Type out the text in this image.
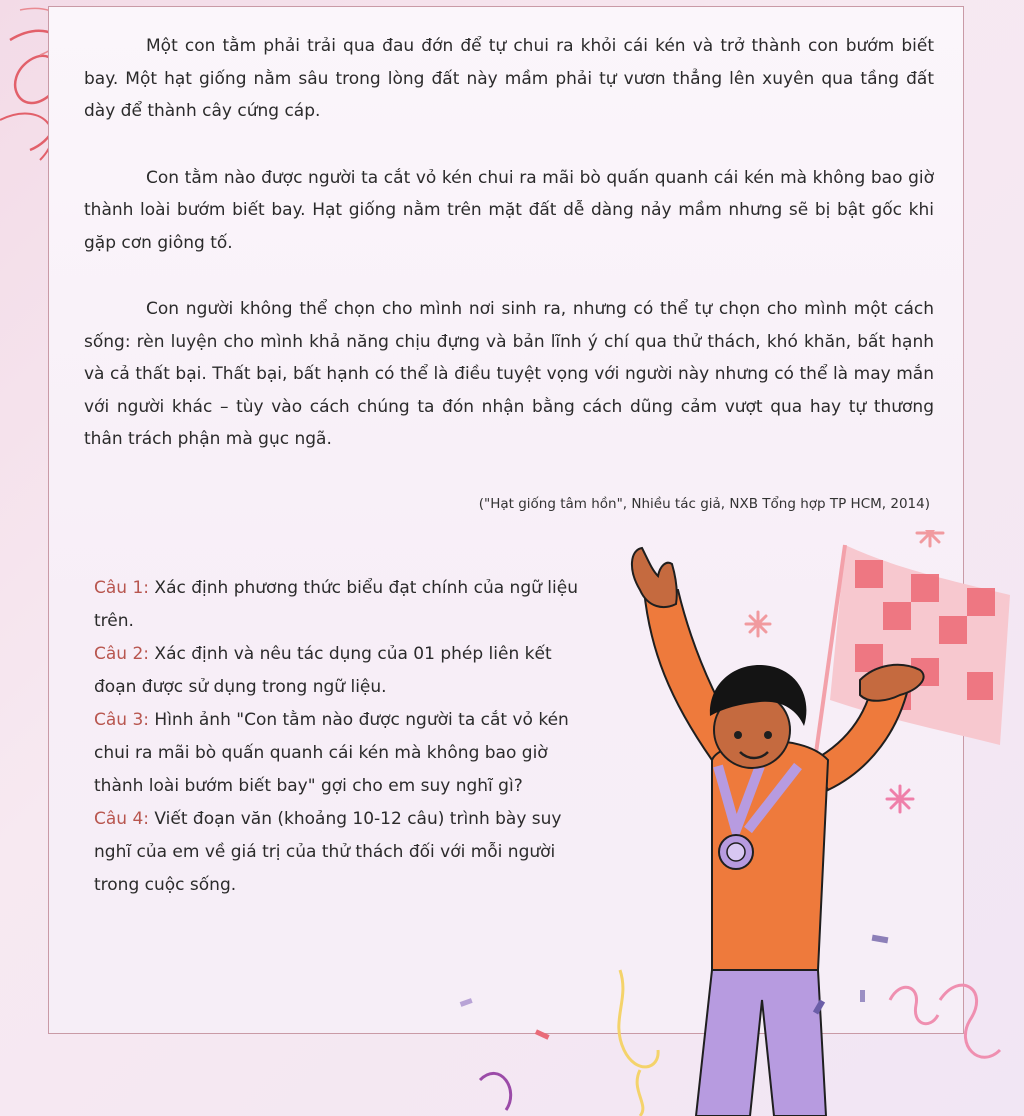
Một con tằm phải trải qua đau đớn để tự chui ra khỏi cái kén và trở thành con bướm biết bay. Một hạt giống nằm sâu trong lòng đất này mầm phải tự vươn thẳng lên xuyên qua tầng đất dày để thành cây cứng cáp.

Con tằm nào được người ta cắt vỏ kén chui ra mãi bò quấn quanh cái kén mà không bao giờ thành loài bướm biết bay. Hạt giống nằm trên mặt đất dễ dàng nảy mầm nhưng sẽ bị bật gốc khi gặp cơn giông tố.

Con người không thể chọn cho mình nơi sinh ra, nhưng có thể tự chọn cho mình một cách sống: rèn luyện cho mình khả năng chịu đựng và bản lĩnh ý chí qua thử thách, khó khăn, bất hạnh và cả thất bại. Thất bại, bất hạnh có thể là điều tuyệt vọng với người này nhưng có thể là may mắn với người khác – tùy vào cách chúng ta đón nhận bằng cách dũng cảm vượt qua hay tự thương thân trách phận mà gục ngã.

("Hạt giống tâm hồn", Nhiều tác giả, NXB Tổng hợp TP HCM, 2014)

Câu 1: Xác định phương thức biểu đạt chính của ngữ liệu trên.

Câu 2: Xác định và nêu tác dụng của 01 phép liên kết đoạn được sử dụng trong ngữ liệu.

Câu 3: Hình ảnh "Con tằm nào được người ta cắt vỏ kén chui ra mãi bò quấn quanh cái kén mà không bao giờ thành loài bướm biết bay" gợi cho em suy nghĩ gì?

Câu 4: Viết đoạn văn (khoảng 10-12 câu) trình bày suy nghĩ của em về giá trị của thử thách đối với mỗi người trong cuộc sống.
